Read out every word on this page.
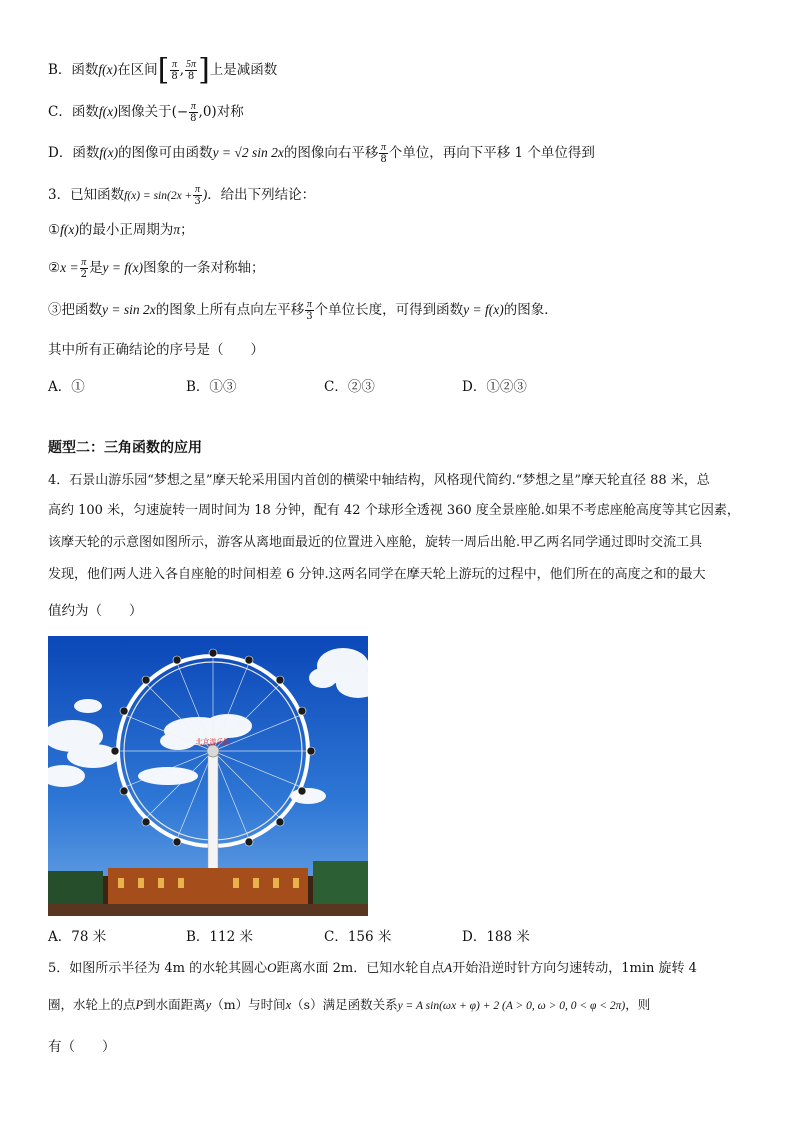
B．函数f(x)在区间[ $\frac{\pi}{8}$ , $\frac{5\pi}{8}$ ]上是减函数
C．函数f(x)图像关于(− $\frac{\pi}{8} ,0$)对称
D．函数f(x)的图像可由函数y = √2 sin 2x的图像向右平移 $\frac{\pi}{8}$ 个单位，再向下平移 1 个单位得到
3．已知函数$f(x) = \sin(2x + \frac{\pi}{3}$ )．给出下列结论：
①f(x)的最小正周期为π；
②x = $\frac{\pi}{2}$ 是y = f(x)图象的一条对称轴；
③把函数y = sin 2x的图象上所有点向左平移 $\frac{\pi}{3}$ 个单位长度，可得到函数y = f(x)的图象．
其中所有正确结论的序号是（　　）
A．①	B．①③	C．②③	D．①②③
题型二：三角函数的应用
4．石景山游乐园“梦想之星”摩天轮采用国内首创的横梁中轴结构，风格现代简约.“梦想之星”摩天轮直径 88 米，总
高约 100 米，匀速旋转一周时间为 18 分钟，配有 42 个球形全透视 360 度全景座舱.如果不考虑座舱高度等其它因素，
该摩天轮的示意图如图所示，游客从离地面最近的位置进入座舱，旋转一周后出舱.甲乙两名同学通过即时交流工具
发现，他们两人进入各自座舱的时间相差 6 分钟.这两名同学在摩天轮上游玩的过程中，他们所在的高度之和的最大
值约为（　　）
北京游乐园
A．78 米	B．112 米	C．156 米	D．188 米
5．如图所示半径为 4m 的水轮其圆心O距离水面 2m．已知水轮自点A开始沿逆时针方向匀速转动，1min 旋转 4
圈，水轮上的点P到水面距离y（m）与时间x（s）满足函数关系y = A sin(ωx + φ) + 2 (A > 0, ω > 0, 0 < φ < 2π)，则
有（　　）
